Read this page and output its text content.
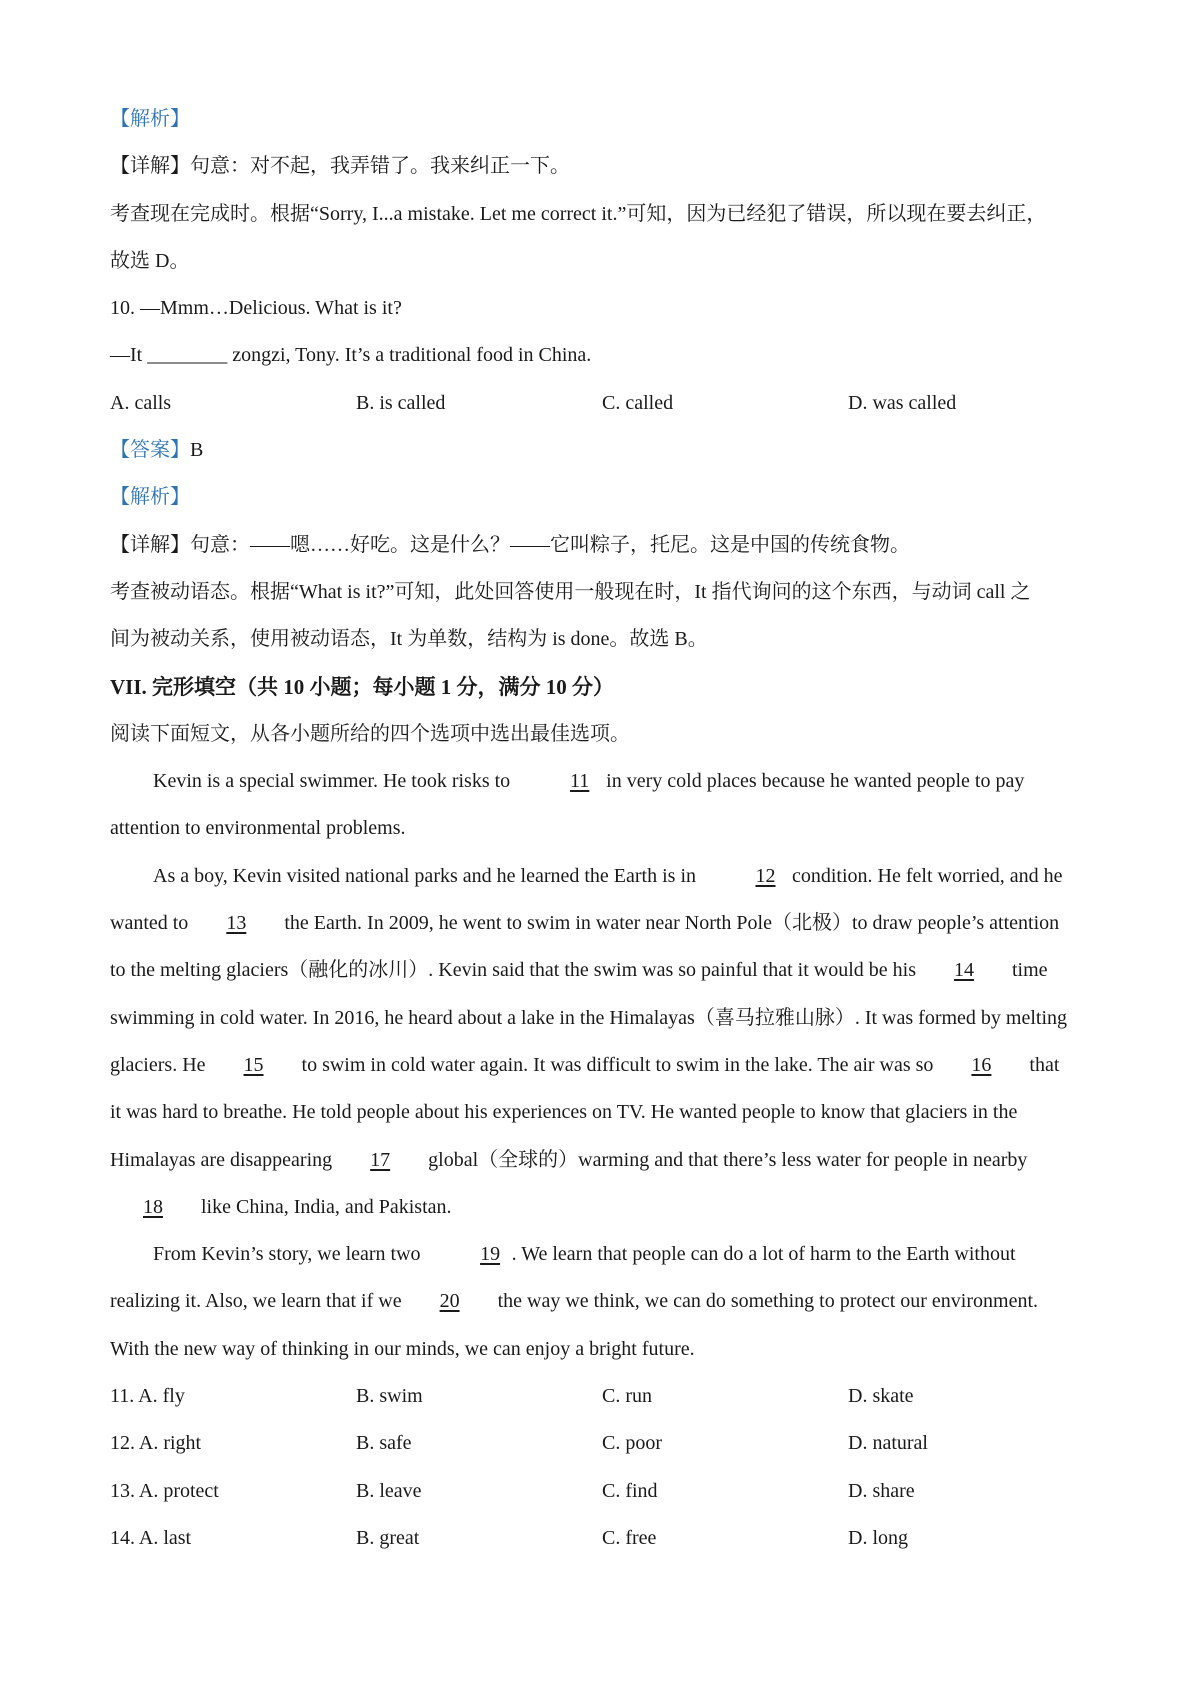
【解析】
【详解】句意：对不起，我弄错了。我来纠正一下。
考查现在完成时。根据“Sorry, I...a mistake. Let me correct it.”可知，因为已经犯了错误，所以现在要去纠正，
故选 D。
10. —Mmm…Delicious. What is it?
—It ________ zongzi, Tony. It’s a traditional food in China.
A. calls	B. is called	C. called	D. was called
【答案】B
【解析】
【详解】句意：——嗯……好吃。这是什么？——它叫粽子，托尼。这是中国的传统食物。
考查被动语态。根据“What is it?”可知，此处回答使用一般现在时，It 指代询问的这个东西，与动词 call 之
间为被动关系，使用被动语态，It 为单数，结构为 is done。故选 B。
VII. 完形填空（共 10 小题；每小题 1 分，满分 10 分）
阅读下面短文，从各小题所给的四个选项中选出最佳选项。
Kevin is a special swimmer. He took risks to	11 in very cold places because he wanted people to pay
attention to environmental problems.
As a boy, Kevin visited national parks and he learned the Earth is in	12 condition. He felt worried, and he
wanted to 13 the Earth. In 2009, he went to swim in water near North Pole（北极）to draw people’s attention
to the melting glaciers（融化的冰川）. Kevin said that the swim was so painful that it would be his 14 time
swimming in cold water. In 2016, he heard about a lake in the Himalayas（喜马拉雅山脉）. It was formed by melting
glaciers. He 15 to swim in cold water again. It was difficult to swim in the lake. The air was so 16 that
it was hard to breathe. He told people about his experiences on TV. He wanted people to know that glaciers in the
Himalayas are disappearing 17 global（全球的）warming and that there’s less water for people in nearby
18 like China, India, and Pakistan.
From Kevin’s story, we learn two	19 . We learn that people can do a lot of harm to the Earth without
realizing it. Also, we learn that if we 20 the way we think, we can do something to protect our environment.
With the new way of thinking in our minds, we can enjoy a bright future.
11. A. fly	B. swim	C. run	D. skate
12. A. right	B. safe	C. poor	D. natural
13. A. protect	B. leave	C. find	D. share
14. A. last	B. great	C. free	D. long
